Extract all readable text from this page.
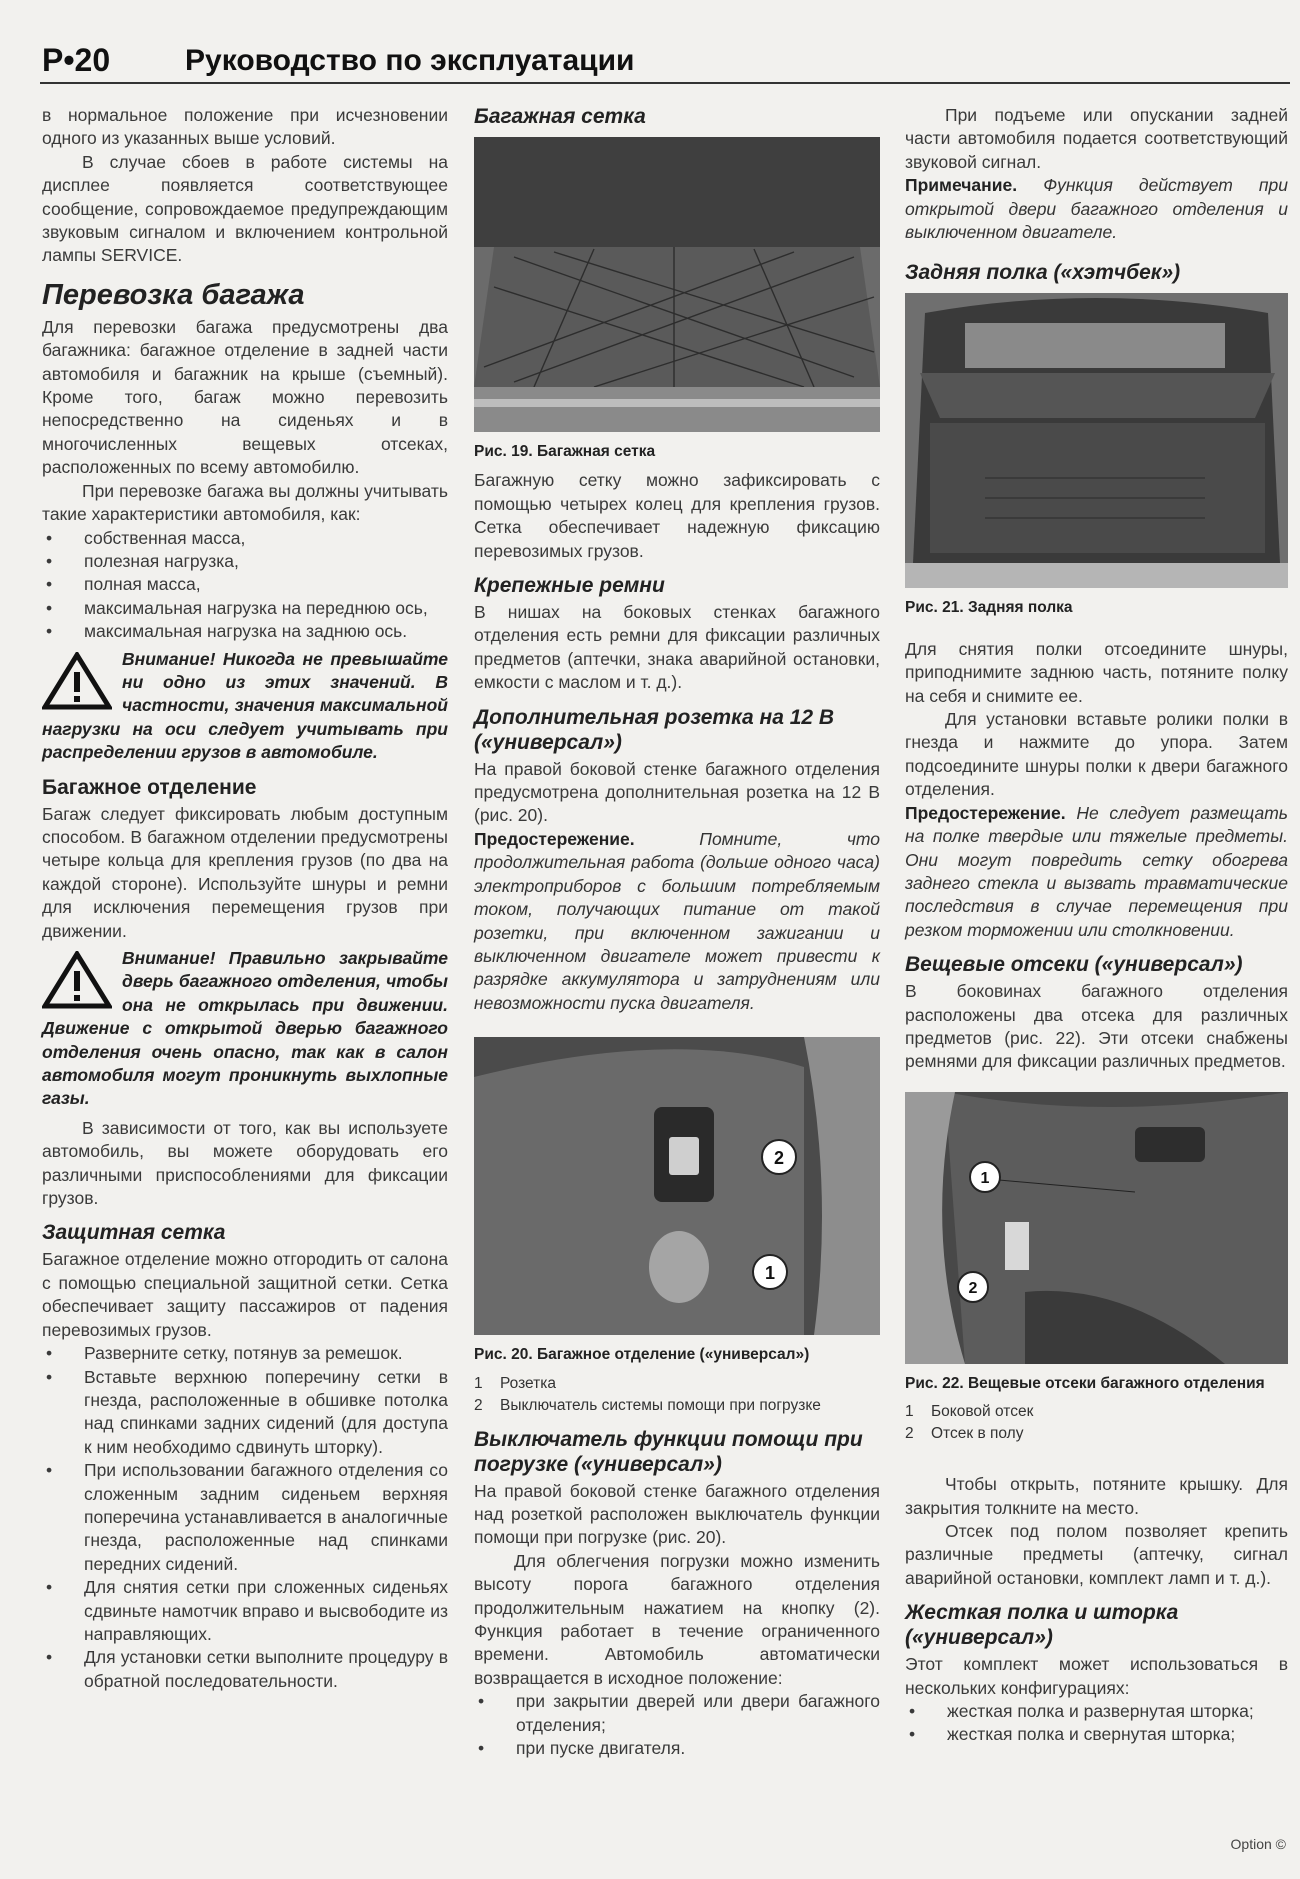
P•20 Руководство по эксплуатации

в нормальное положение при исчезновении одного из указанных выше условий.

В случае сбоев в работе системы на дисплее появляется соответствующее сообщение, сопровождаемое предупреждающим звуковым сигналом и включением контрольной лампы SERVICE.

Перевозка багажа

Для перевозки багажа предусмотрены два багажника: багажное отделение в задней части автомобиля и багажник на крыше (съемный). Кроме того, багаж можно перевозить непосредственно на сиденьях и в многочисленных вещевых отсеках, расположенных по всему автомобилю.

При перевозке багажа вы должны учитывать такие характеристики автомобиля, как:

• собственная масса,
• полезная нагрузка,
• полная масса,
• максимальная нагрузка на переднюю ось,
• максимальная нагрузка на заднюю ось.
Внимание! Никогда не превышайте ни одно из этих значений. В частности, значения максимальной нагрузки на оси следует учитывать при распределении грузов в автомобиле.
Багажное отделение

Багаж следует фиксировать любым доступным способом. В багажном отделении предусмотрены четыре кольца для крепления грузов (по два на каждой стороне). Используйте шнуры и ремни для исключения перемещения грузов при движении.

Внимание! Правильно закрывайте дверь багажного отделения, чтобы она не открылась при движении. Движение с открытой дверью багажного отделения очень опасно, так как в салон автомобиля могут проникнуть выхлопные газы.

В зависимости от того, как вы используете автомобиль, вы можете оборудовать его различными приспособлениями для фиксации грузов.

Защитная сетка

Багажное отделение можно отгородить от салона с помощью специальной защитной сетки. Сетка обеспечивает защиту пассажиров от падения перевозимых грузов.

• Разверните сетку, потянув за ремешок.
• Вставьте верхнюю поперечину сетки в гнезда, расположенные в обшивке потолка над спинками задних сидений (для доступа к ним необходимо сдвинуть шторку).
• При использовании багажного отделения со сложенным задним сиденьем верхняя поперечина устанавливается в аналогичные гнезда, расположенные над спинками передних сидений.
• Для снятия сетки при сложенных сиденьях сдвиньте намотчик вправо и высвободите из направляющих.
• Для установки сетки выполните процедуру в обратной последовательности.
Багажная сетка
Рис. 19. Багажная сетка

Багажную сетку можно зафиксировать с помощью четырех колец для крепления грузов. Сетка обеспечивает надежную фиксацию перевозимых грузов.

Крепежные ремни

В нишах на боковых стенках багажного отделения есть ремни для фиксации различных предметов (аптечки, знака аварийной остановки, емкости с маслом и т. д.).

Дополнительная розетка на 12 В («универсал»)

На правой боковой стенке багажного отделения предусмотрена дополнительная розетка на 12 В (рис. 20).

Предостережение.	Помните, что продолжительная работа (дольше одного часа) электроприборов с большим потребляемым током, получающих питание от такой розетки, при включенном зажигании и выключенном двигателе может привести к разрядке аккумулятора и затруднениям или невозможности пуска двигателя.

2
1
Рис. 20. Багажное отделение («универсал»)
1 Розетка
2 Выключатель системы помощи при погрузке
Выключатель функции помощи при погрузке («универсал»)

На правой боковой стенке багажного отделения над розеткой расположен выключатель функции помощи при погрузке (рис. 20).

Для облегчения погрузки можно изменить высоту порога багажного отделения продолжительным нажатием на кнопку (2). Функция работает в течение ограниченного времени. Автомобиль автоматически возвращается в исходное положение:

• при закрытии дверей или двери багажного отделения;
• при пуске двигателя.

При подъеме или опускании задней части автомобиля подается соответствующий звуковой сигнал.

Примечание. Функция действует при открытой двери багажного отделения и выключенном двигателе.

Задняя полка («хэтчбек»)
Рис. 21. Задняя полка

Для снятия полки отсоедините шнуры, приподнимите заднюю часть, потяните полку на себя и снимите ее.

Для установки вставьте ролики полки в гнезда и нажмите до упора. Затем подсоедините шнуры полки к двери багажного отделения.

Предостережение. Не следует размещать на полке твердые или тяжелые предметы. Они могут повредить сетку обогрева заднего стекла и вызвать травматические последствия в случае перемещения при резком торможении или столкновении.

Вещевые отсеки («универсал»)

В боковинах багажного отделения расположены два отсека для различных предметов (рис. 22). Эти отсеки снабжены ремнями для фиксации различных предметов.

1
2
Рис. 22. Вещевые отсеки багажного отделения
1 Боковой отсек
2 Отсек в полу

Чтобы открыть, потяните крышку. Для закрытия толкните на место.

Отсек под полом позволяет крепить различные предметы (аптечку, сигнал аварийной остановки, комплект ламп и т. д.).

Жесткая полка и шторка («универсал»)

Этот комплект может использоваться в нескольких конфигурациях:

• жесткая полка и развернутая шторка;
• жесткая полка и свернутая шторка;
Option ©
